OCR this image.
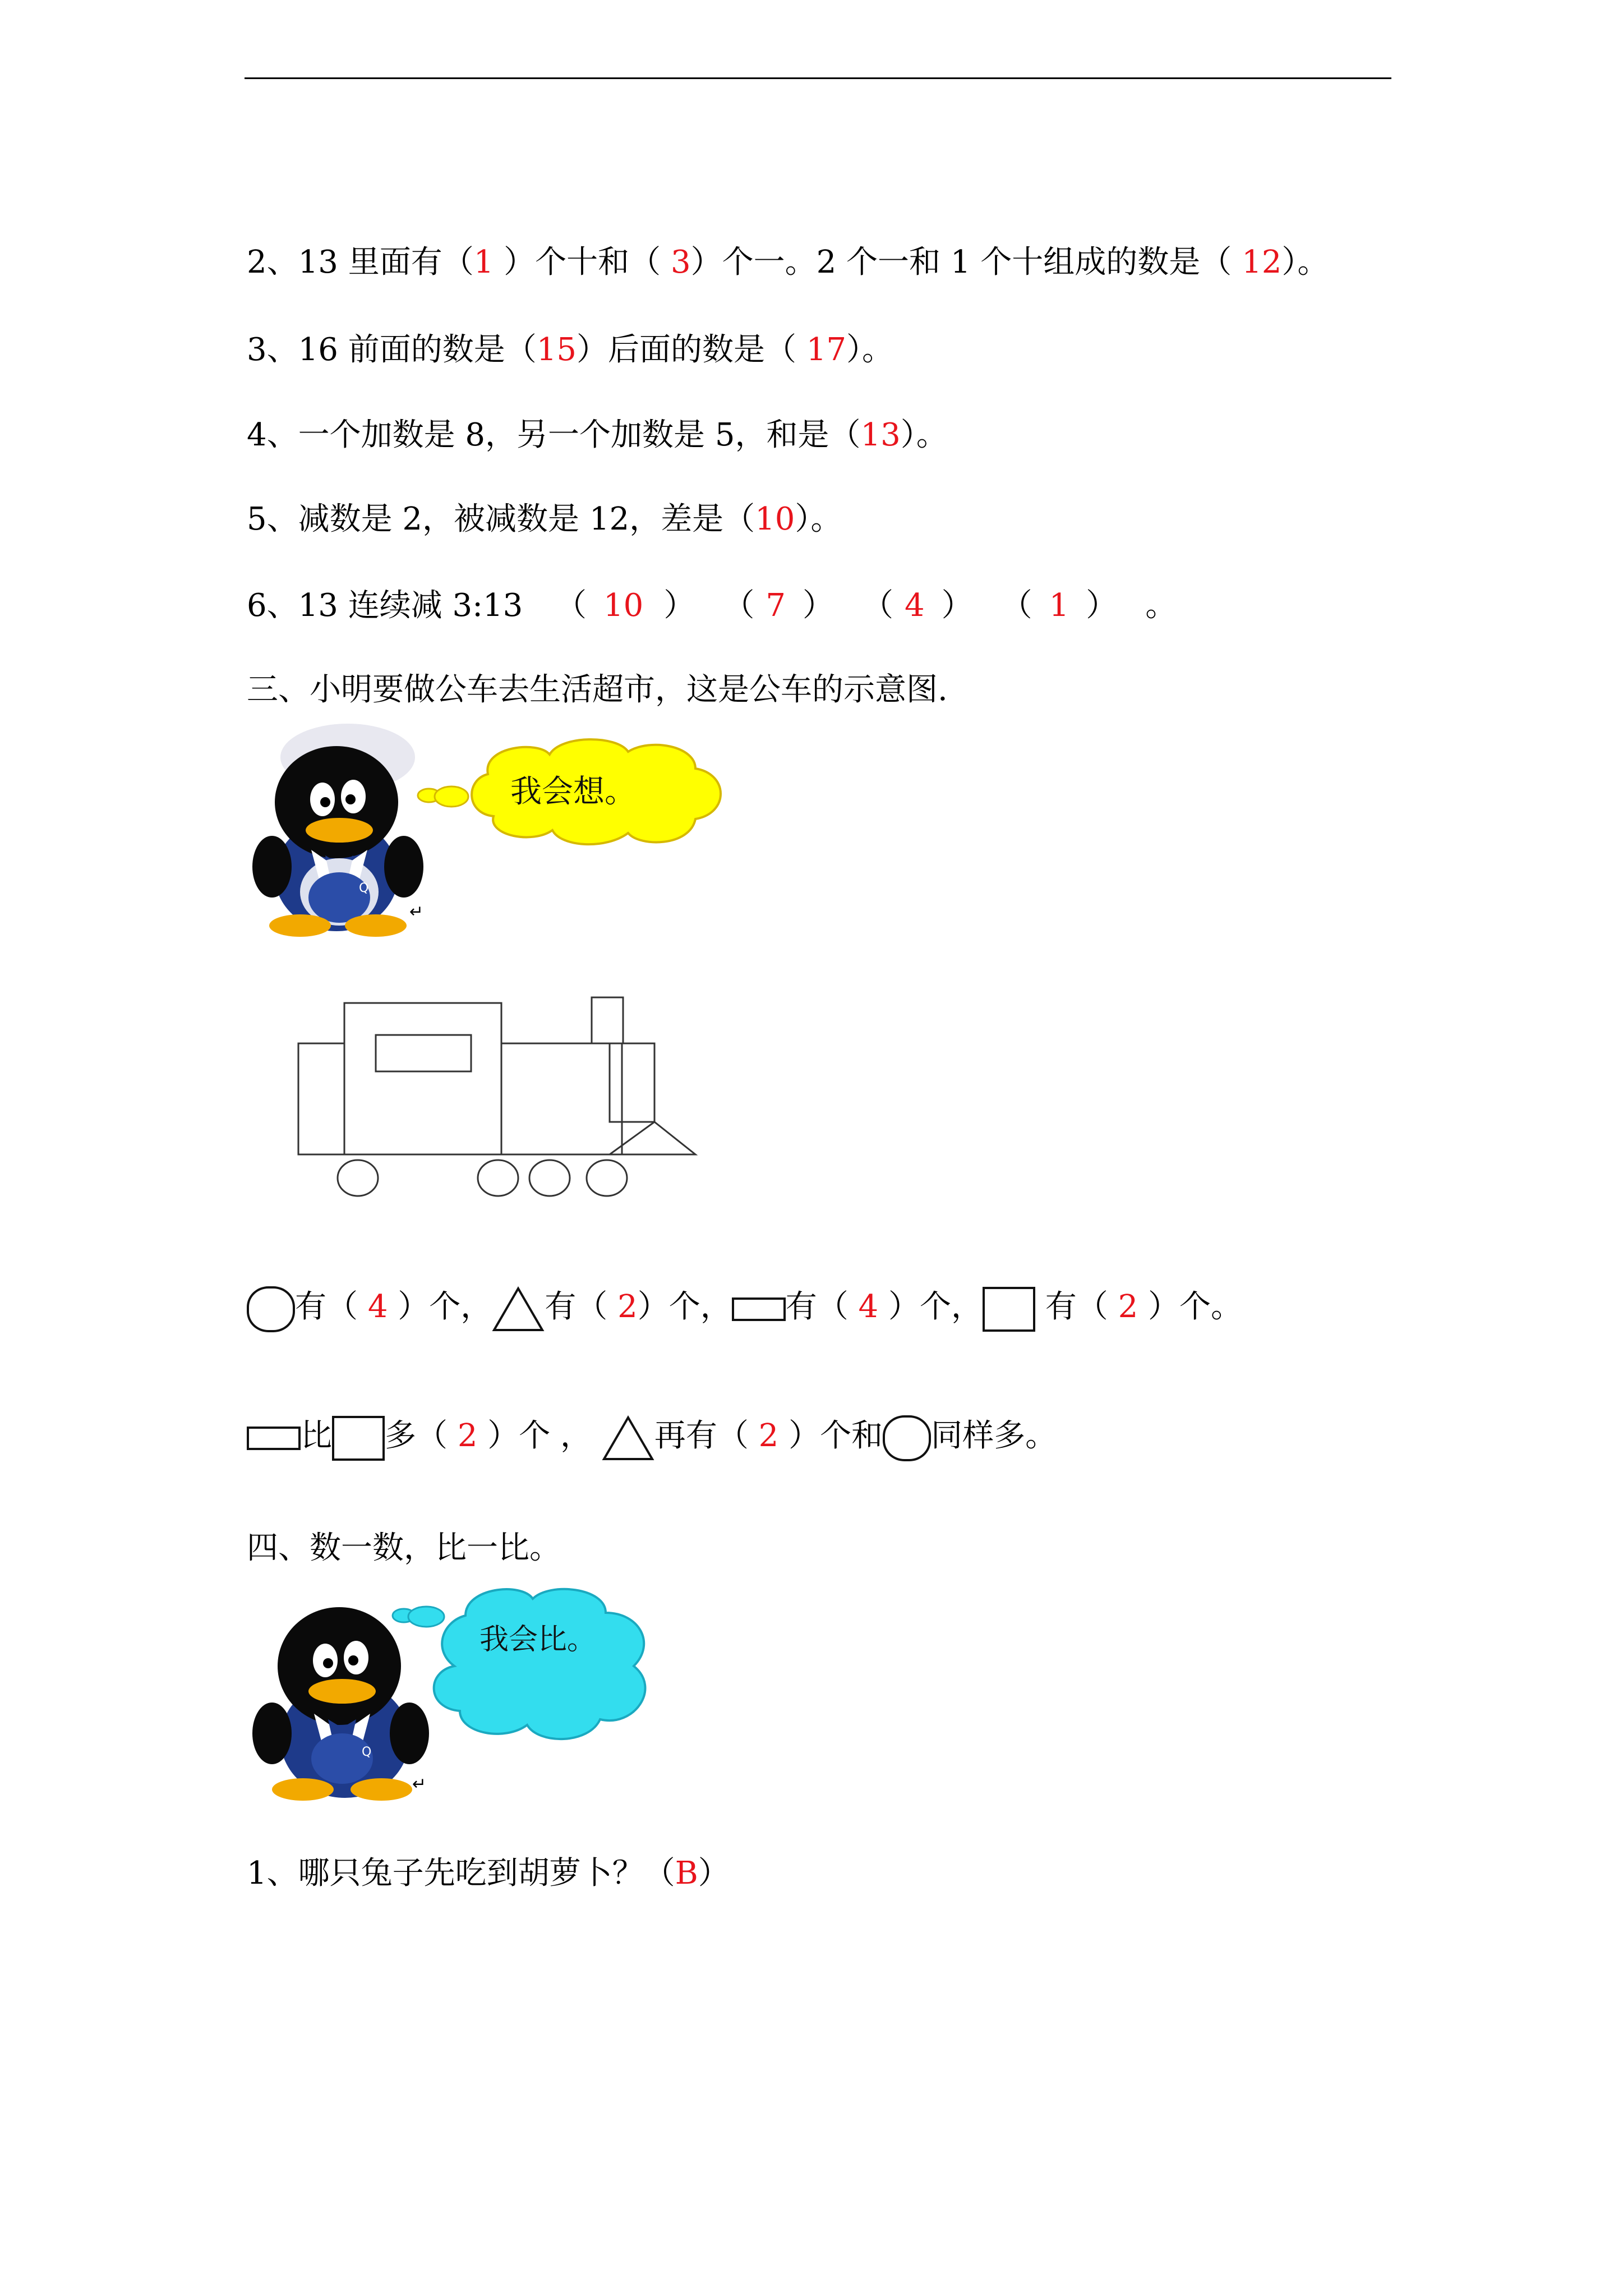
2、13 里面有（1 ）个十和（ 3）个一。2 个一和 1 个十组成的数是（ 12）。
3、16 前面的数是（15）后面的数是（ 17）。
4、一个加数是 8，另一个加数是 5，和是（13）。
5、减数是 2，被减数是 12，差是（10）。
6、13 连续减 3:13 （ 10 ） （ 7 ） （ 4 ） （ 1 ） 。
三、小明要做公车去生活超市，这是公车的示意图.
Q
我会想。
↵
有（ 4 ）个， 有（ 2）个， 有（ 4 ）个， 有（ 2 ）个。
比 多（ 2 ）个 ， 再有（ 2 ）个和 同样多。
四、数一数，比一比。
Q
我会比。
↵
1、哪只兔子先吃到胡萝卜？（B）
